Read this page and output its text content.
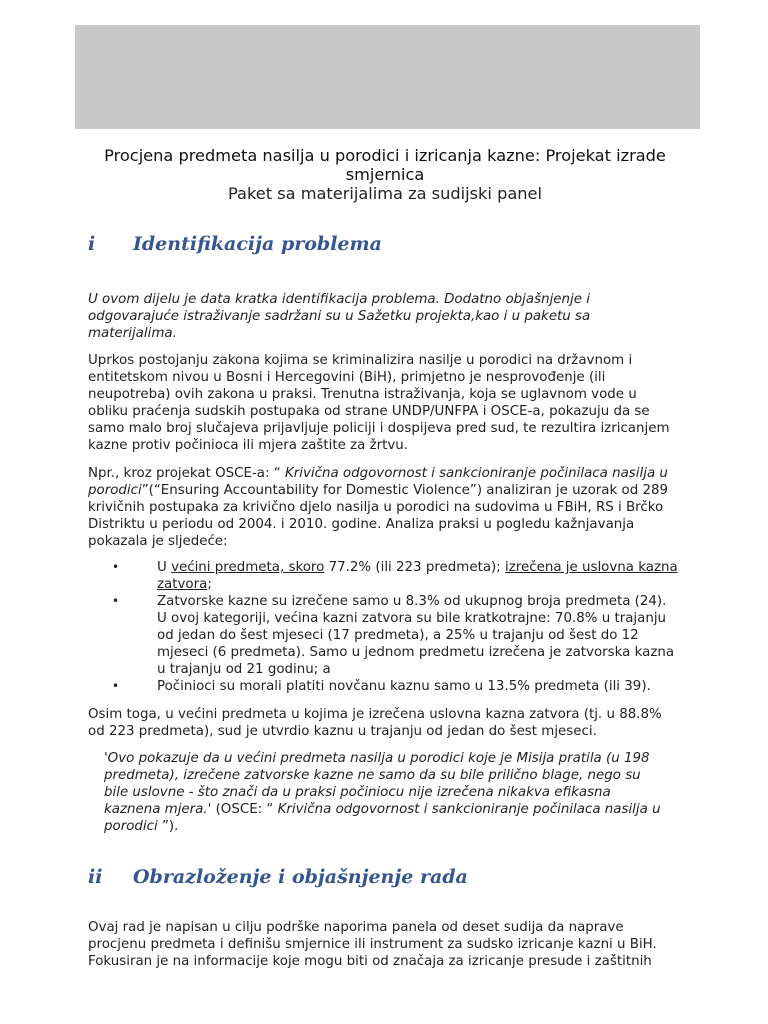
Procjena predmeta nasilja u porodici i izricanja kazne: Projekat izrade smjernica

Paket sa materijalima za sudijski panel

i Identifikacija problema

U ovom dijelu je data kratka identifikacija problema. Dodatno objašnjenje i odgovarajuće istraživanje sadržani su u Sažetku projekta,kao i u paketu sa materijalima.

Uprkos postojanju zakona kojima se kriminalizira nasilje u porodici na državnom i entitetskom nivou u Bosni i Hercegovini (BiH), primjetno je nesprovođenje (ili neupotreba) ovih zakona u praksi. Trenutna istraživanja, koja se uglavnom vode u obliku praćenja sudskih postupaka od strane UNDP/UNFPA i OSCE-a, pokazuju da se samo malo broj slučajeva prijavljuje policiji i dospijeva pred sud, te rezultira izricanjem kazne protiv počinioca ili mjera zaštite za žrtvu.

Npr., kroz projekat OSCE-a: “ Krivična odgovornost i sankcioniranje počinilaca nasilja u porodici”(“Ensuring Accountability for Domestic Violence”) analiziran je uzorak od 289 krivičnih postupaka za krivično djelo nasilja u porodici na sudovima u FBiH, RS i Brčko Distriktu u periodu od 2004. i 2010. godine. Analiza praksi u pogledu kažnjavanja pokazala je sljedeće:

•	U većini predmeta, skoro 77.2% (ili 223 predmeta); izrečena je uslovna kazna zatvora;
•	Zatvorske kazne su izrečene samo u 8.3% od ukupnog broja predmeta (24). U ovoj kategoriji, većina kazni zatvora su bile kratkotrajne: 70.8% u trajanju od jedan do šest mjeseci (17 predmeta), a 25% u trajanju od šest do 12 mjeseci (6 predmeta). Samo u jednom predmetu izrečena je zatvorska kazna u trajanju od 21 godinu; a
•	Počinioci su morali platiti novčanu kaznu samo u 13.5% predmeta (ili 39).

Osim toga, u većini predmeta u kojima je izrečena uslovna kazna zatvora (tj. u 88.8% od 223 predmeta), sud je utvrdio kaznu u trajanju od jedan do šest mjeseci.

'Ovo pokazuje da u većini predmeta nasilja u porodici koje je Misija pratila (u 198 predmeta), izrečene zatvorske kazne ne samo da su bile prilično blage, nego su bile uslovne - što znači da u praksi počiniocu nije izrečena nikakva efikasna kaznena mjera.' (OSCE: “ Krivična odgovornost i sankcioniranje počinilaca nasilja u porodici ”).

ii Obrazloženje i objašnjenje rada

Ovaj rad je napisan u cilju podrške naporima panela od deset sudija da naprave procjenu predmeta i definišu smjernice ili instrument za sudsko izricanje kazni u BiH. Fokusiran je na informacije koje mogu biti od značaja za izricanje presude i zaštitnih
